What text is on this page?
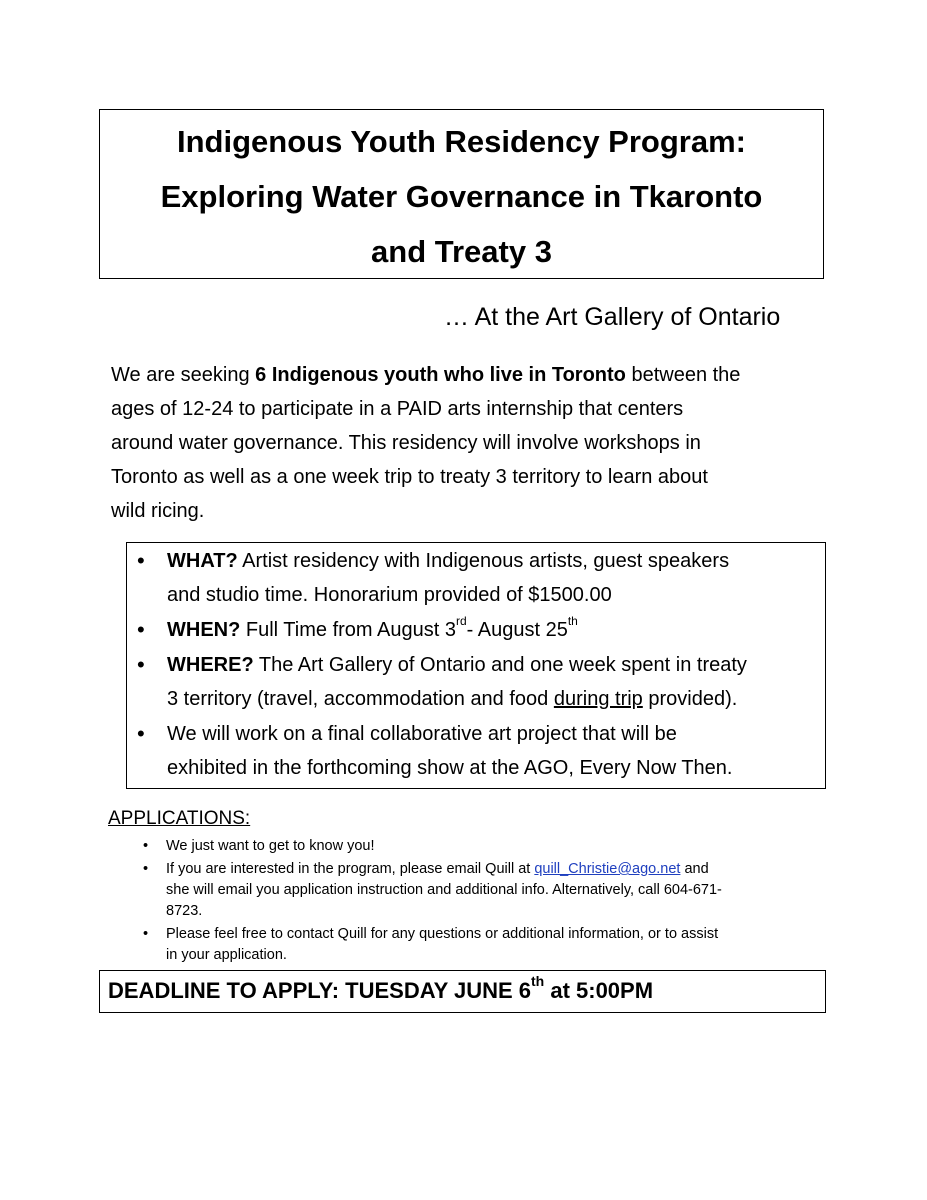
Indigenous Youth Residency Program:
Exploring Water Governance in Tkaronto
and Treaty 3
… At the Art Gallery of Ontario
We are seeking 6 Indigenous youth who live in Toronto between the
ages of 12-24 to participate in a PAID arts internship that centers
around water governance. This residency will involve workshops in
Toronto as well as a one week trip to treaty 3 territory to learn about
wild ricing.
• WHAT? Artist residency with Indigenous artists, guest speakers
and studio time. Honorarium provided of $1500.00
• WHEN? Full Time from August 3rd- August 25th
• WHERE? The Art Gallery of Ontario and one week spent in treaty
3 territory (travel, accommodation and food during trip provided).
• We will work on a final collaborative art project that will be
exhibited in the forthcoming show at the AGO, Every Now Then.
APPLICATIONS:
• We just want to get to know you!
• If you are interested in the program, please email Quill at quill_Christie@ago.net and
she will email you application instruction and additional info. Alternatively, call 604-671-
8723.
• Please feel free to contact Quill for any questions or additional information, or to assist
in your application.
DEADLINE TO APPLY: TUESDAY JUNE 6th at 5:00PM
